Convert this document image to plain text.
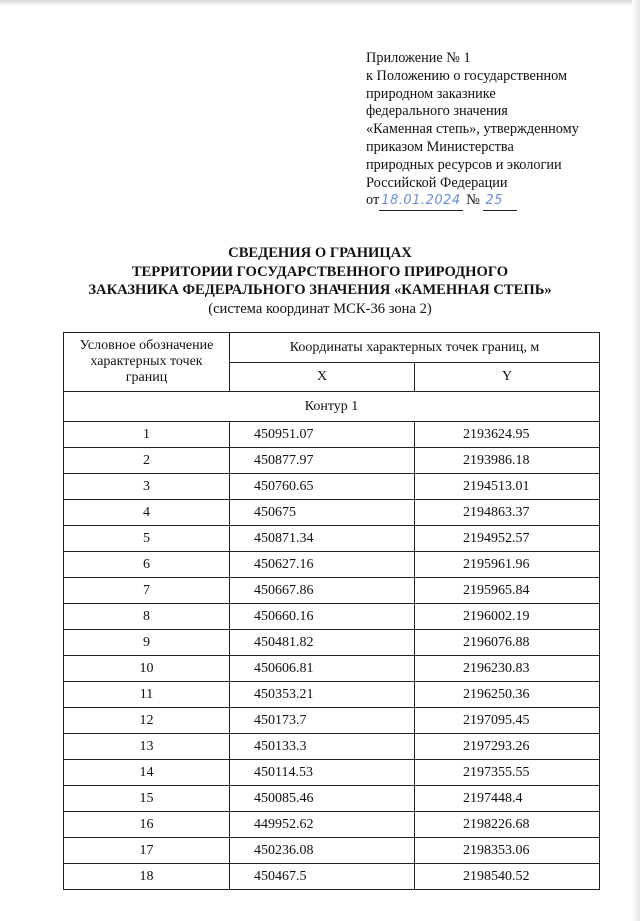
Приложение № 1
к Положению о государственном
природном заказнике
федерального значения
«Каменная степь», утвержденному
приказом Министерства
природных ресурсов и экологии
Российской Федерации
от 18.01.2024 № 25
СВЕДЕНИЯ О ГРАНИЦАХ
ТЕРРИТОРИИ ГОСУДАРСТВЕННОГО ПРИРОДНОГО
ЗАКАЗНИКА ФЕДЕРАЛЬНОГО ЗНАЧЕНИЯ «КАМЕННАЯ СТЕПЬ»
(система координат МСК-36 зона 2)
Условное обозначение характерных точек границ	Координаты характерных точек границ, м	
	X	Y
Контур 1		
1	450951.07	2193624.95
2	450877.97	2193986.18
3	450760.65	2194513.01
4	450675	2194863.37
5	450871.34	2194952.57
6	450627.16	2195961.96
7	450667.86	2195965.84
8	450660.16	2196002.19
9	450481.82	2196076.88
10	450606.81	2196230.83
11	450353.21	2196250.36
12	450173.7	2197095.45
13	450133.3	2197293.26
14	450114.53	2197355.55
15	450085.46	2197448.4
16	449952.62	2198226.68
17	450236.08	2198353.06
18	450467.5	2198540.52
